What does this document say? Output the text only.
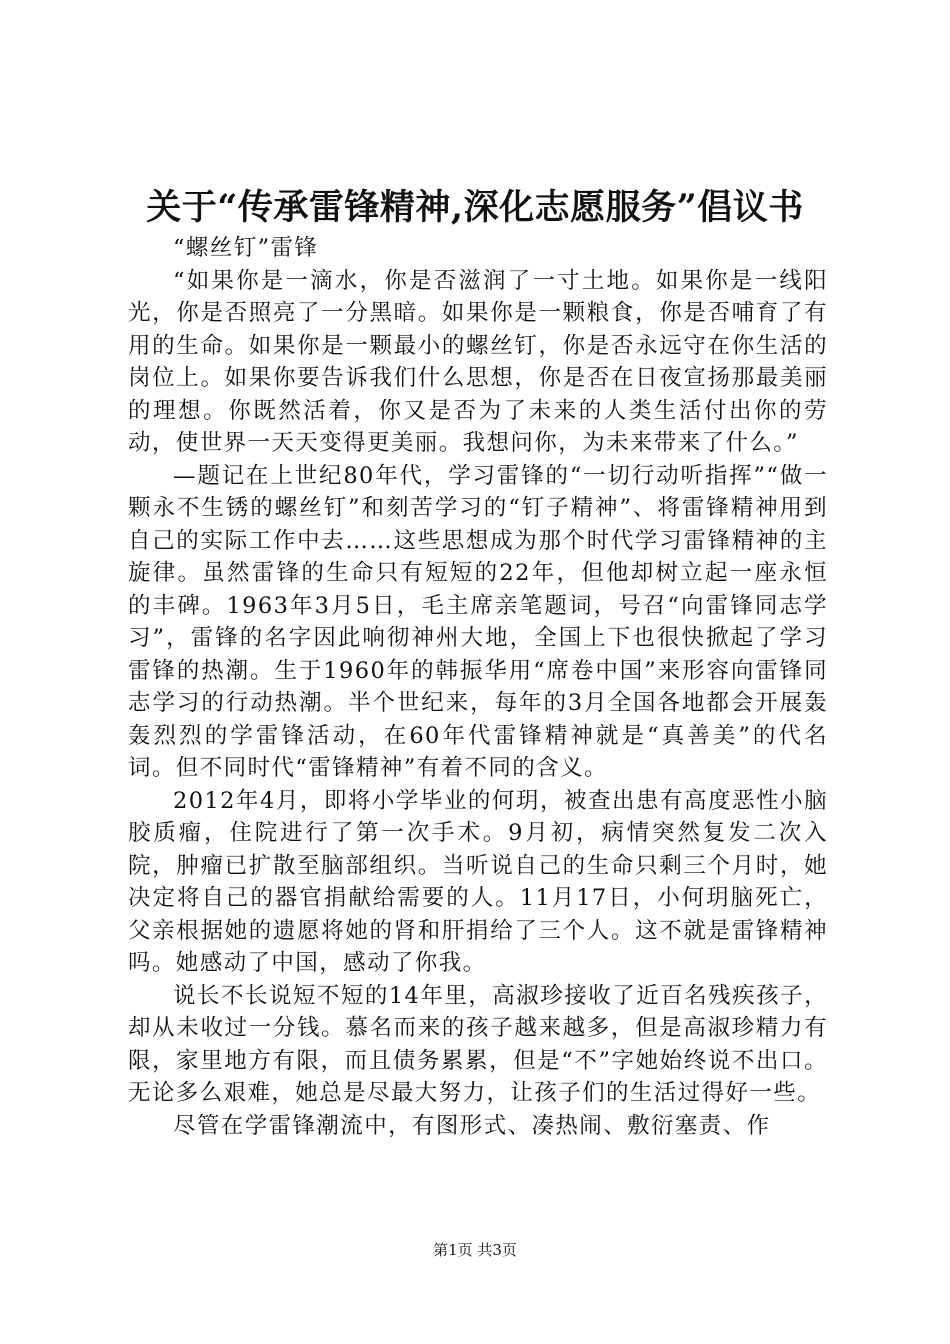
关于“传承雷锋精神,深化志愿服务”倡议书

“螺丝钉”雷锋

“如果你是一滴水，你是否滋润了一寸土地。如果你是一线阳光，你是否照亮了一分黑暗。如果你是一颗粮食，你是否哺育了有用的生命。如果你是一颗最小的螺丝钉，你是否永远守在你生活的岗位上。如果你要告诉我们什么思想，你是否在日夜宣扬那最美丽的理想。你既然活着，你又是否为了未来的人类生活付出你的劳动，使世界一天天变得更美丽。我想问你，为未来带来了什么。”

—题记在上世纪80年代，学习雷锋的“一切行动听指挥”“做一颗永不生锈的螺丝钉”和刻苦学习的“钉子精神”、将雷锋精神用到自己的实际工作中去……这些思想成为那个时代学习雷锋精神的主旋律。虽然雷锋的生命只有短短的22年，但他却树立起一座永恒的丰碑。1963年3月5日，毛主席亲笔题词，号召“向雷锋同志学习”，雷锋的名字因此响彻神州大地，全国上下也很快掀起了学习雷锋的热潮。生于1960年的韩振华用“席卷中国”来形容向雷锋同志学习的行动热潮。半个世纪来，每年的3月全国各地都会开展轰轰烈烈的学雷锋活动，在60年代雷锋精神就是“真善美”的代名词。但不同时代“雷锋精神”有着不同的含义。

2012年4月，即将小学毕业的何玥，被查出患有高度恶性小脑胶质瘤，住院进行了第一次手术。9月初，病情突然复发二次入院，肿瘤已扩散至脑部组织。当听说自己的生命只剩三个月时，她决定将自己的器官捐献给需要的人。11月17日，小何玥脑死亡，父亲根据她的遗愿将她的肾和肝捐给了三个人。这不就是雷锋精神吗。她感动了中国，感动了你我。

说长不长说短不短的14年里，高淑珍接收了近百名残疾孩子，却从未收过一分钱。慕名而来的孩子越来越多，但是高淑珍精力有限，家里地方有限，而且债务累累，但是“不”字她始终说不出口。无论多么艰难，她总是尽最大努力，让孩子们的生活过得好一些。

尽管在学雷锋潮流中，有图形式、凑热闹、敷衍塞责、作

第1页 共3页
